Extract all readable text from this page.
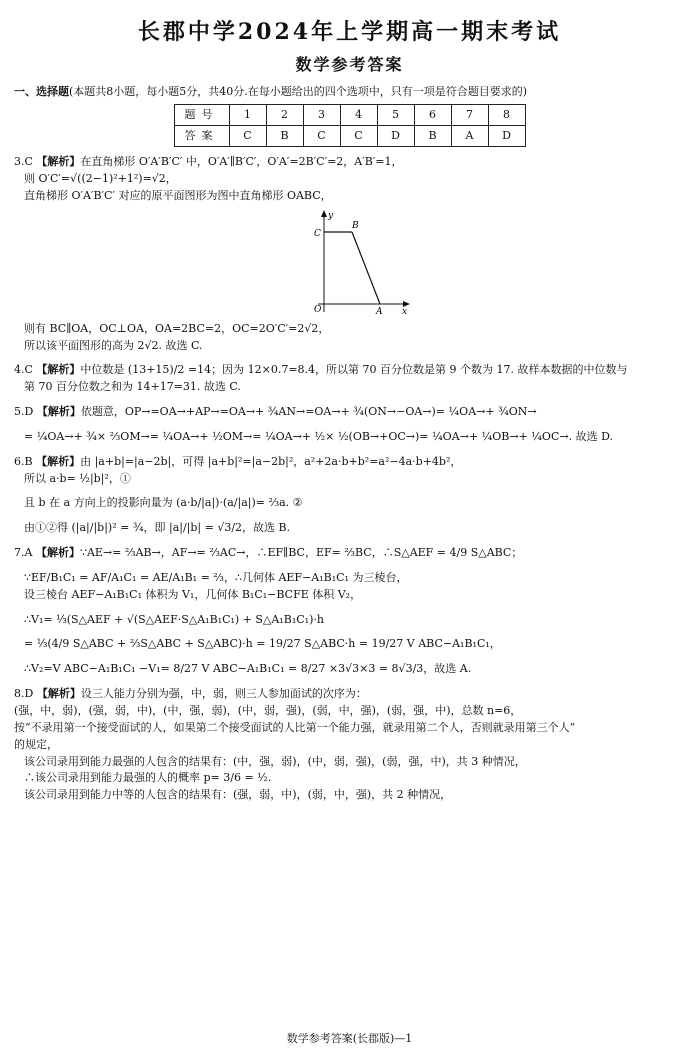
长郡中学2024年上学期高一期末考试
数学参考答案
一、选择题(本题共8小题，每小题5分，共40分.在每小题给出的四个选项中，只有一项是符合题目要求的)
题号	1	2	3	4	5	6	7	8
答案	C	B	C	C	D	B	A	D
3.C 【解析】在直角梯形 O′A′B′C′ 中，O′A′∥B′C′，O′A′=2B′C′=2，A′B′=1，
则 O′C′=√((2−1)²+1²)=√2，
直角梯形 O′A′B′C′ 对应的原平面图形为图中直角梯形 OABC，
y
C
B
O	A x
则有 BC∥OA，OC⊥OA，OA=2BC=2，OC=2O′C′=2√2，
所以该平面图形的高为 2√2. 故选 C.
4.C 【解析】中位数是 (13+15)/2 =14；因为 12×0.7=8.4，所以第 70 百分位数是第 9 个数为 17. 故样本数据的中位数与
第 70 百分位数之和为 14+17=31. 故选 C.
5.D 【解析】依题意，OP→=OA→+AP→=OA→+ ¾AN→=OA→+ ¾(ON→−OA→)= ¼OA→+ ¾ON→
= ¼OA→+ ¾× ⅔OM→= ¼OA→+ ½OM→= ¼OA→+ ½× ½(OB→+OC→)= ¼OA→+ ¼OB→+ ¼OC→. 故选 D.
6.B 【解析】由 |a+b|=|a−2b|，可得 |a+b|²=|a−2b|²，a²+2a·b+b²=a²−4a·b+4b²，
所以 a·b= ½|b|²，①
且 b 在 a 方向上的投影向量为 (a·b/|a|)·(a/|a|)= ⅔a. ②
由①②得 (|a|/|b|)² = ¾，即 |a|/|b| = √3/2，故选 B.
7.A 【解析】∵AE→= ⅔AB→，AF→= ⅔AC→，∴EF∥BC，EF= ⅔BC，∴S△AEF = 4/9 S△ABC；
∵EF/B₁C₁ = AF/A₁C₁ = AE/A₁B₁ = ⅔，∴几何体 AEF−A₁B₁C₁ 为三棱台，
设三棱台 AEF−A₁B₁C₁ 体积为 V₁，几何体 B₁C₁−BCFE 体积 V₂，
∴V₁= ⅓(S△AEF + √(S△AEF·S△A₁B₁C₁) + S△A₁B₁C₁)·h
= ⅓(4/9 S△ABC + ⅔S△ABC + S△ABC)·h = 19/27 S△ABC·h = 19/27 V ABC−A₁B₁C₁，
∴V₂=V ABC−A₁B₁C₁ −V₁= 8/27 V ABC−A₁B₁C₁ = 8/27 ×3√3×3 = 8√3/3，故选 A.
8.D 【解析】设三人能力分别为强，中，弱，则三人参加面试的次序为：
(强，中，弱)，(强，弱，中)，(中，强，弱)，(中，弱，强)，(弱，中，强)，(弱，强，中)，总数 n=6，
按“不录用第一个接受面试的人，如果第二个接受面试的人比第一个能力强，就录用第二个人，否则就录用第三个人”
的规定，
该公司录用到能力最强的人包含的结果有：(中，强，弱)，(中，弱，强)，(弱，强，中)，共 3 种情况，
∴该公司录用到能力最强的人的概率 p= 3/6 = ½.
该公司录用到能力中等的人包含的结果有：(强，弱，中)，(弱，中，强)，共 2 种情况，
数学参考答案(长郡版)—1
